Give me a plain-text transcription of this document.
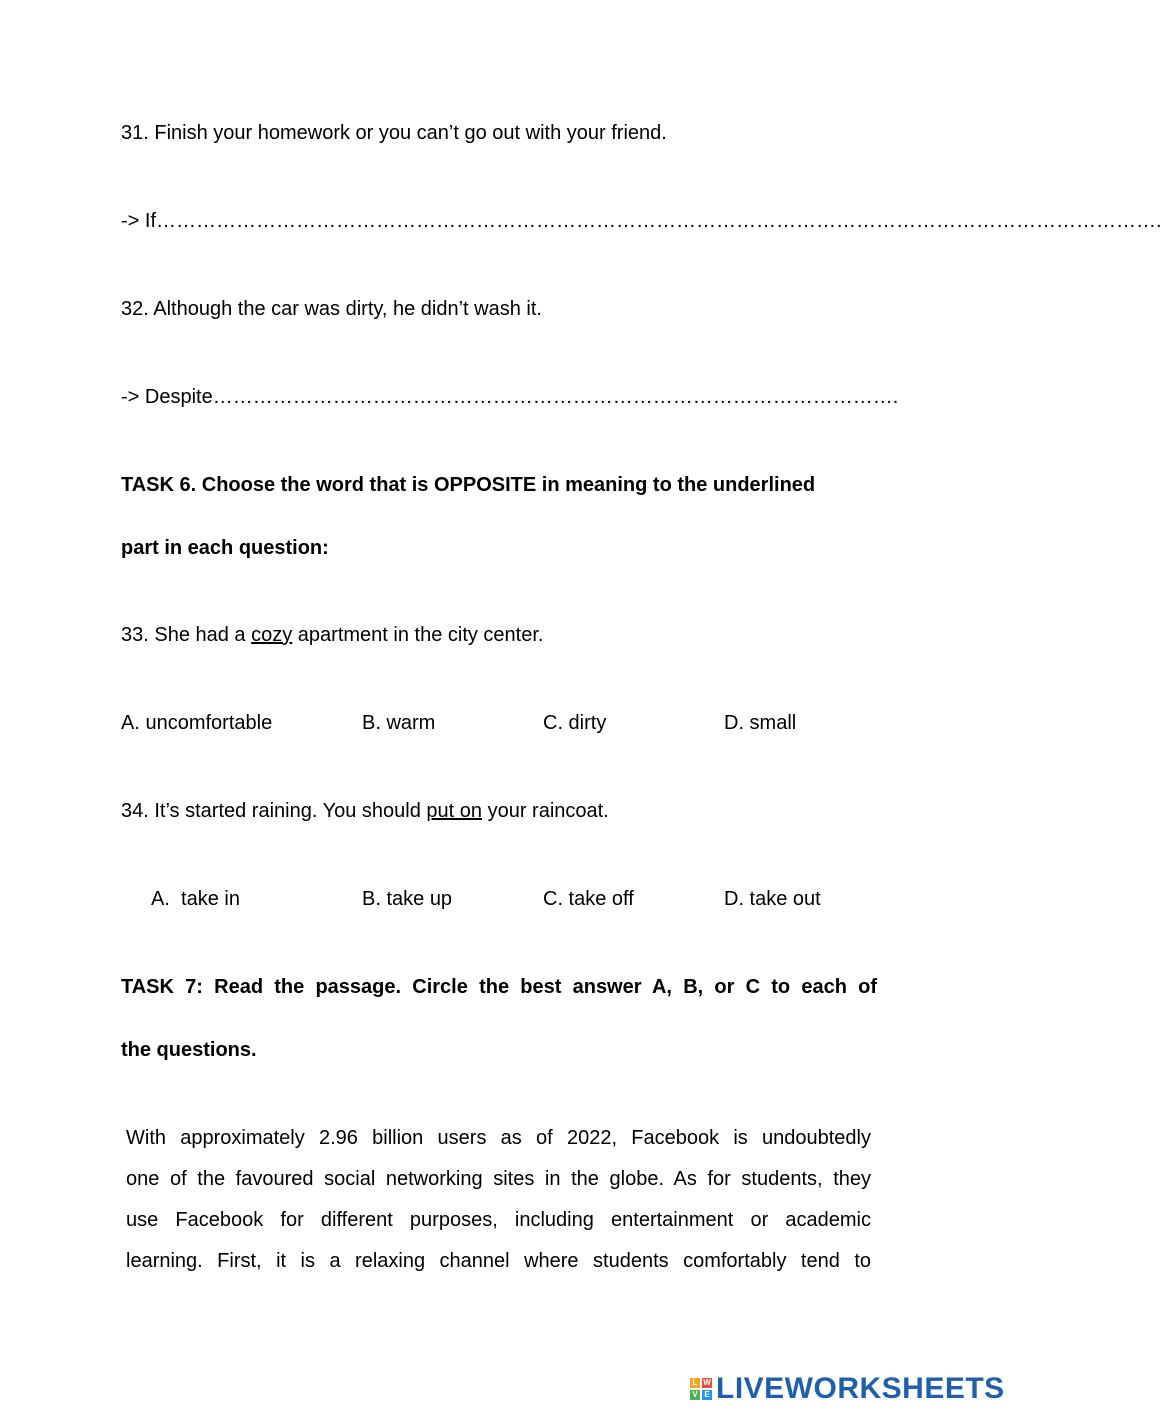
31. Finish your homework or you can’t go out with your friend.
-> If…………………………………………………………………………………………………………………………………….
32. Although the car was dirty, he didn’t wash it.
-> Despite………………………………………………………………………………………….
TASK 6. Choose the word that is OPPOSITE in meaning to the underlined
part in each question:
33. She had a cozy apartment in the city center.
A. uncomfortable	B. warm	C. dirty	D. small
34. It’s started raining. You should put on your raincoat.
A.  take in	B. take up	C. take off	D. take out
TASK 7: Read the passage. Circle the best answer A, B, or C to each of
the questions.
With approximately 2.96 billion users as of 2022, Facebook is undoubtedly
one of the favoured social networking sites in the globe. As for students, they
use Facebook for different purposes, including entertainment or academic
learning. First, it is a relaxing channel where students comfortably tend to
L W
V E LIVEWORKSHEETS
